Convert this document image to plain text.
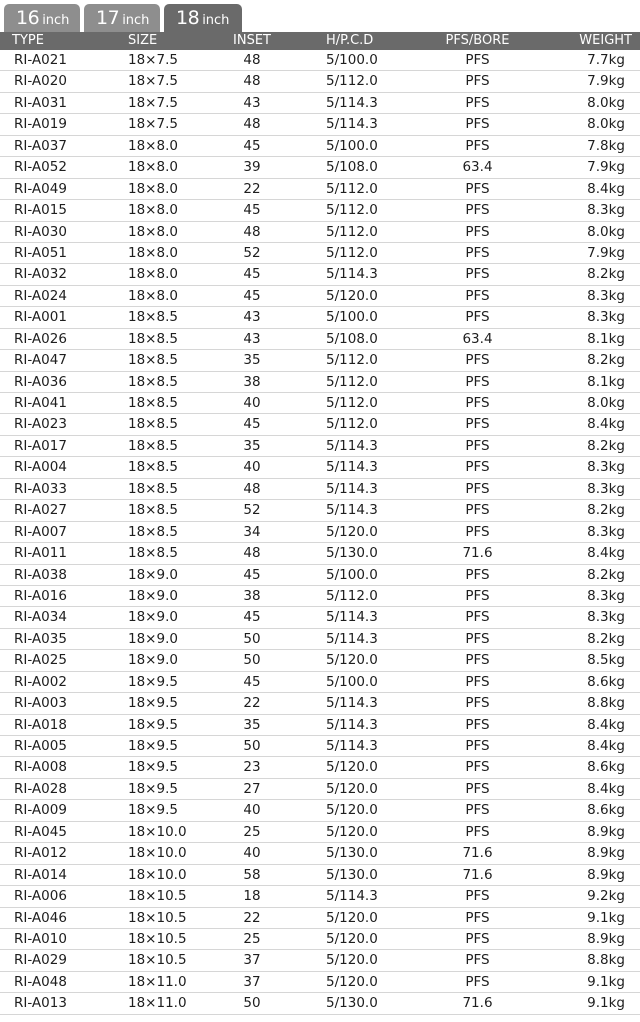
16 inch	17 inch	18 inch
TYPE	SIZE	INSET	H/P.C.D	PFS/BORE	WEIGHT
RI-A021	18×7.5	48	5/100.0	PFS	7.7kg
RI-A020	18×7.5	48	5/112.0	PFS	7.9kg
RI-A031	18×7.5	43	5/114.3	PFS	8.0kg
RI-A019	18×7.5	48	5/114.3	PFS	8.0kg
RI-A037	18×8.0	45	5/100.0	PFS	7.8kg
RI-A052	18×8.0	39	5/108.0	63.4	7.9kg
RI-A049	18×8.0	22	5/112.0	PFS	8.4kg
RI-A015	18×8.0	45	5/112.0	PFS	8.3kg
RI-A030	18×8.0	48	5/112.0	PFS	8.0kg
RI-A051	18×8.0	52	5/112.0	PFS	7.9kg
RI-A032	18×8.0	45	5/114.3	PFS	8.2kg
RI-A024	18×8.0	45	5/120.0	PFS	8.3kg
RI-A001	18×8.5	43	5/100.0	PFS	8.3kg
RI-A026	18×8.5	43	5/108.0	63.4	8.1kg
RI-A047	18×8.5	35	5/112.0	PFS	8.2kg
RI-A036	18×8.5	38	5/112.0	PFS	8.1kg
RI-A041	18×8.5	40	5/112.0	PFS	8.0kg
RI-A023	18×8.5	45	5/112.0	PFS	8.4kg
RI-A017	18×8.5	35	5/114.3	PFS	8.2kg
RI-A004	18×8.5	40	5/114.3	PFS	8.3kg
RI-A033	18×8.5	48	5/114.3	PFS	8.3kg
RI-A027	18×8.5	52	5/114.3	PFS	8.2kg
RI-A007	18×8.5	34	5/120.0	PFS	8.3kg
RI-A011	18×8.5	48	5/130.0	71.6	8.4kg
RI-A038	18×9.0	45	5/100.0	PFS	8.2kg
RI-A016	18×9.0	38	5/112.0	PFS	8.3kg
RI-A034	18×9.0	45	5/114.3	PFS	8.3kg
RI-A035	18×9.0	50	5/114.3	PFS	8.2kg
RI-A025	18×9.0	50	5/120.0	PFS	8.5kg
RI-A002	18×9.5	45	5/100.0	PFS	8.6kg
RI-A003	18×9.5	22	5/114.3	PFS	8.8kg
RI-A018	18×9.5	35	5/114.3	PFS	8.4kg
RI-A005	18×9.5	50	5/114.3	PFS	8.4kg
RI-A008	18×9.5	23	5/120.0	PFS	8.6kg
RI-A028	18×9.5	27	5/120.0	PFS	8.4kg
RI-A009	18×9.5	40	5/120.0	PFS	8.6kg
RI-A045	18×10.0	25	5/120.0	PFS	8.9kg
RI-A012	18×10.0	40	5/130.0	71.6	8.9kg
RI-A014	18×10.0	58	5/130.0	71.6	8.9kg
RI-A006	18×10.5	18	5/114.3	PFS	9.2kg
RI-A046	18×10.5	22	5/120.0	PFS	9.1kg
RI-A010	18×10.5	25	5/120.0	PFS	8.9kg
RI-A029	18×10.5	37	5/120.0	PFS	8.8kg
RI-A048	18×11.0	37	5/120.0	PFS	9.1kg
RI-A013	18×11.0	50	5/130.0	71.6	9.1kg
